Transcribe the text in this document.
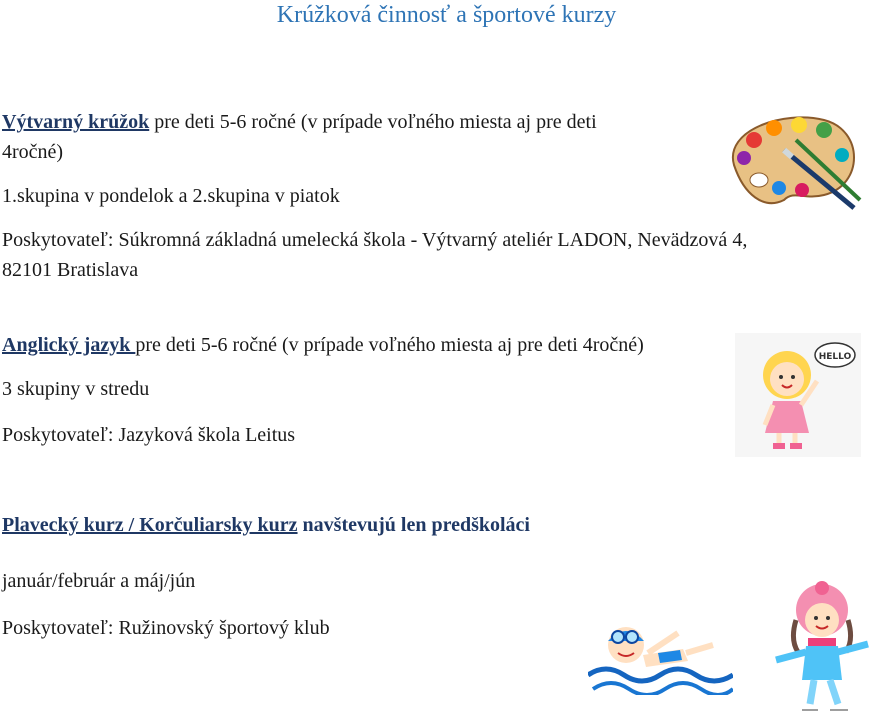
Krúžková činnosť a športové kurzy
Výtvarný krúžok pre deti 5-6 ročné (v prípade voľného miesta aj pre deti
4ročné)
1.skupina v pondelok a 2.skupina v piatok
Poskytovateľ: Súkromná základná umelecká škola - Výtvarný ateliér LADON, Nevädzová 4,
82101 Bratislava
Anglický jazyk pre deti 5-6 ročné (v prípade voľného miesta aj pre deti 4ročné)
3 skupiny v stredu
Poskytovateľ: Jazyková škola Leitus
HELLO
Plavecký kurz / Korčuliarsky kurz navštevujú len predškoláci
január/február a máj/jún
Poskytovateľ: Ružinovský športový klub
